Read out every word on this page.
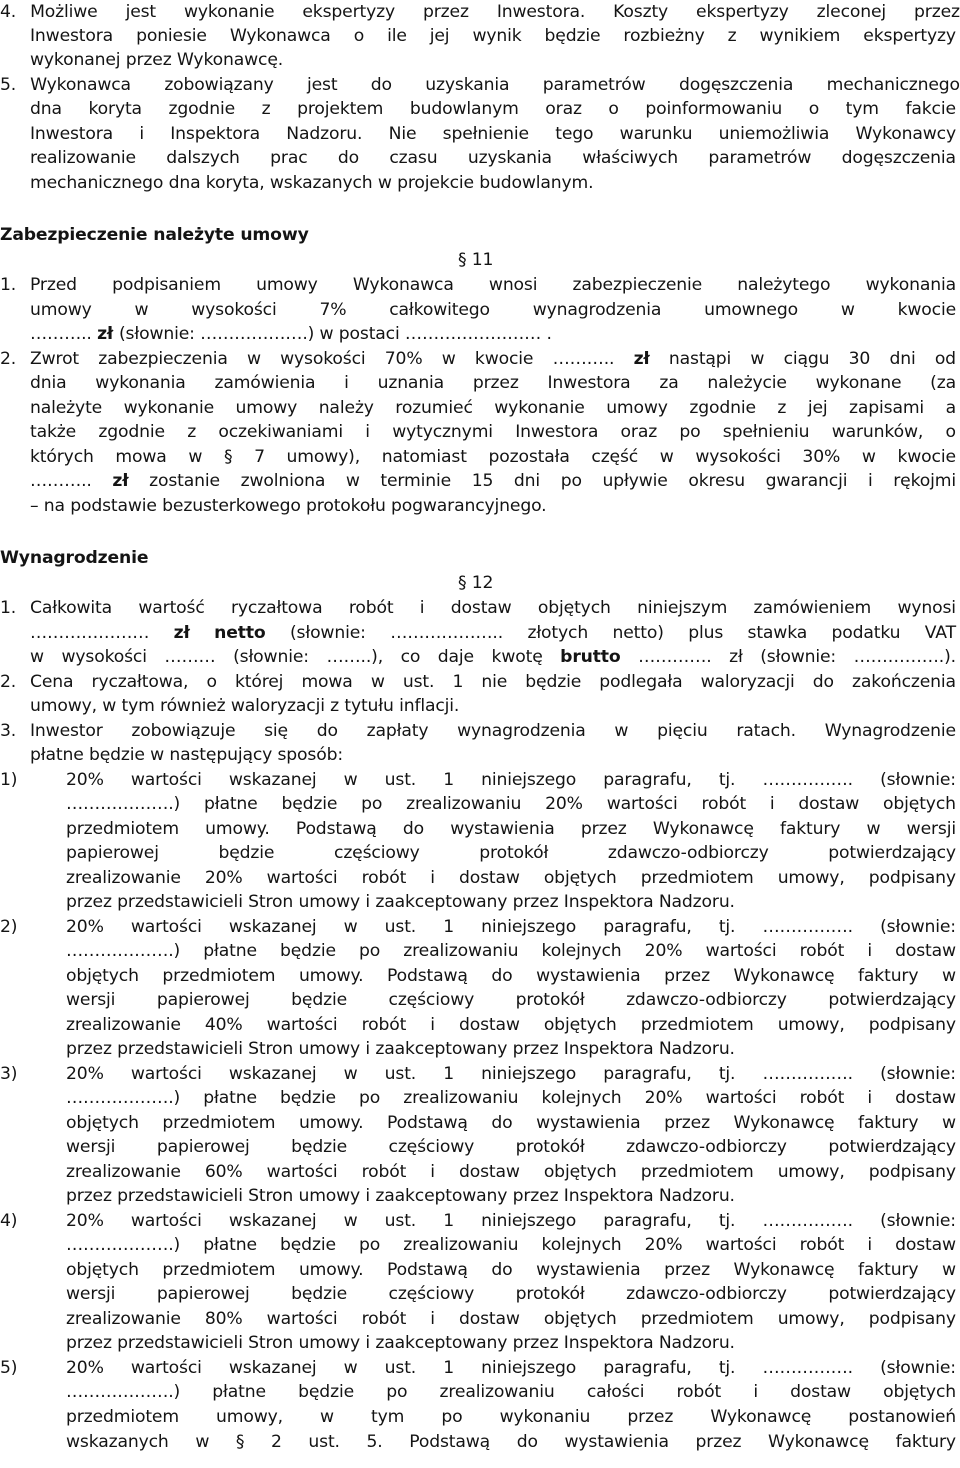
4. Możliwe jest wykonanie ekspertyzy przez Inwestora. Koszty ekspertyzy zleconej przez
Inwestora poniesie Wykonawca o ile jej wynik będzie rozbieżny z wynikiem ekspertyzy
wykonanej przez Wykonawcę.
5. Wykonawca zobowiązany jest do uzyskania parametrów dogęszczenia mechanicznego
dna koryta zgodnie z projektem budowlanym oraz o poinformowaniu o tym fakcie
Inwestora i Inspektora Nadzoru. Nie spełnienie tego warunku uniemożliwia Wykonawcy
realizowanie dalszych prac do czasu uzyskania właściwych parametrów dogęszczenia
mechanicznego dna koryta, wskazanych w projekcie budowlanym.
Zabezpieczenie należyte umowy
§ 11
1. Przed podpisaniem umowy Wykonawca wnosi zabezpieczenie należytego wykonania
umowy w wysokości 7% całkowitego wynagrodzenia umownego w kwocie
……….. zł (słownie: ……………….) w postaci …………………… .
2. Zwrot zabezpieczenia w wysokości 70% w kwocie ……….. zł nastąpi w ciągu 30 dni od
dnia wykonania zamówienia i uznania przez Inwestora za należycie wykonane (za
należyte wykonanie umowy należy rozumieć wykonanie umowy zgodnie z jej zapisami a
także zgodnie z oczekiwaniami i wytycznymi Inwestora oraz po spełnieniu warunków, o
których mowa w § 7 umowy), natomiast pozostała część w wysokości 30% w kwocie
……….. zł zostanie zwolniona w terminie 15 dni po upływie okresu gwarancji i rękojmi
– na podstawie bezusterkowego protokołu pogwarancyjnego.
Wynagrodzenie
§ 12
1. Całkowita wartość ryczałtowa robót i dostaw objętych niniejszym zamówieniem wynosi
………………… zł netto (słownie: ……………….. złotych netto) plus stawka podatku VAT
w wysokości ……… (słownie: ……..), co daje kwotę brutto …………. zł (słownie: …………….).
2. Cena ryczałtowa, o której mowa w ust. 1 nie będzie podlegała waloryzacji do zakończenia
umowy, w tym również waloryzacji z tytułu inflacji.
3. Inwestor zobowiązuje się do zapłaty wynagrodzenia w pięciu ratach. Wynagrodzenie
płatne będzie w następujący sposób:
1)	20% wartości wskazanej w ust. 1 niniejszego paragrafu, tj. ……………. (słownie:
……………….) płatne będzie po zrealizowaniu 20% wartości robót i dostaw objętych
przedmiotem umowy. Podstawą do wystawienia przez Wykonawcę faktury w wersji
papierowej	będzie	częściowy	protokół	zdawczo-odbiorczy	potwierdzający
zrealizowanie 20% wartości robót i dostaw objętych przedmiotem umowy, podpisany
przez przedstawicieli Stron umowy i zaakceptowany przez Inspektora Nadzoru.
2)	20% wartości wskazanej w ust. 1 niniejszego paragrafu, tj. ……………. (słownie:
……………….) płatne będzie po zrealizowaniu kolejnych 20% wartości robót i dostaw
objętych przedmiotem umowy. Podstawą do wystawienia przez Wykonawcę faktury w
wersji papierowej będzie częściowy protokół zdawczo-odbiorczy potwierdzający
zrealizowanie 40% wartości robót i dostaw objętych przedmiotem umowy, podpisany
przez przedstawicieli Stron umowy i zaakceptowany przez Inspektora Nadzoru.
3)	20% wartości wskazanej w ust. 1 niniejszego paragrafu, tj. ……………. (słownie:
……………….) płatne będzie po zrealizowaniu kolejnych 20% wartości robót i dostaw
objętych przedmiotem umowy. Podstawą do wystawienia przez Wykonawcę faktury w
wersji papierowej będzie częściowy protokół zdawczo-odbiorczy potwierdzający
zrealizowanie 60% wartości robót i dostaw objętych przedmiotem umowy, podpisany
przez przedstawicieli Stron umowy i zaakceptowany przez Inspektora Nadzoru.
4)	20% wartości wskazanej w ust. 1 niniejszego paragrafu, tj. ……………. (słownie:
……………….) płatne będzie po zrealizowaniu kolejnych 20% wartości robót i dostaw
objętych przedmiotem umowy. Podstawą do wystawienia przez Wykonawcę faktury w
wersji papierowej będzie częściowy protokół zdawczo-odbiorczy potwierdzający
zrealizowanie 80% wartości robót i dostaw objętych przedmiotem umowy, podpisany
przez przedstawicieli Stron umowy i zaakceptowany przez Inspektora Nadzoru.
5)	20% wartości wskazanej w ust. 1 niniejszego paragrafu, tj. ……………. (słownie:
……………….) płatne będzie po zrealizowaniu całości robót i dostaw objętych
przedmiotem umowy, w tym po wykonaniu przez Wykonawcę postanowień
wskazanych w § 2 ust. 5. Podstawą do wystawienia przez Wykonawcę faktury
